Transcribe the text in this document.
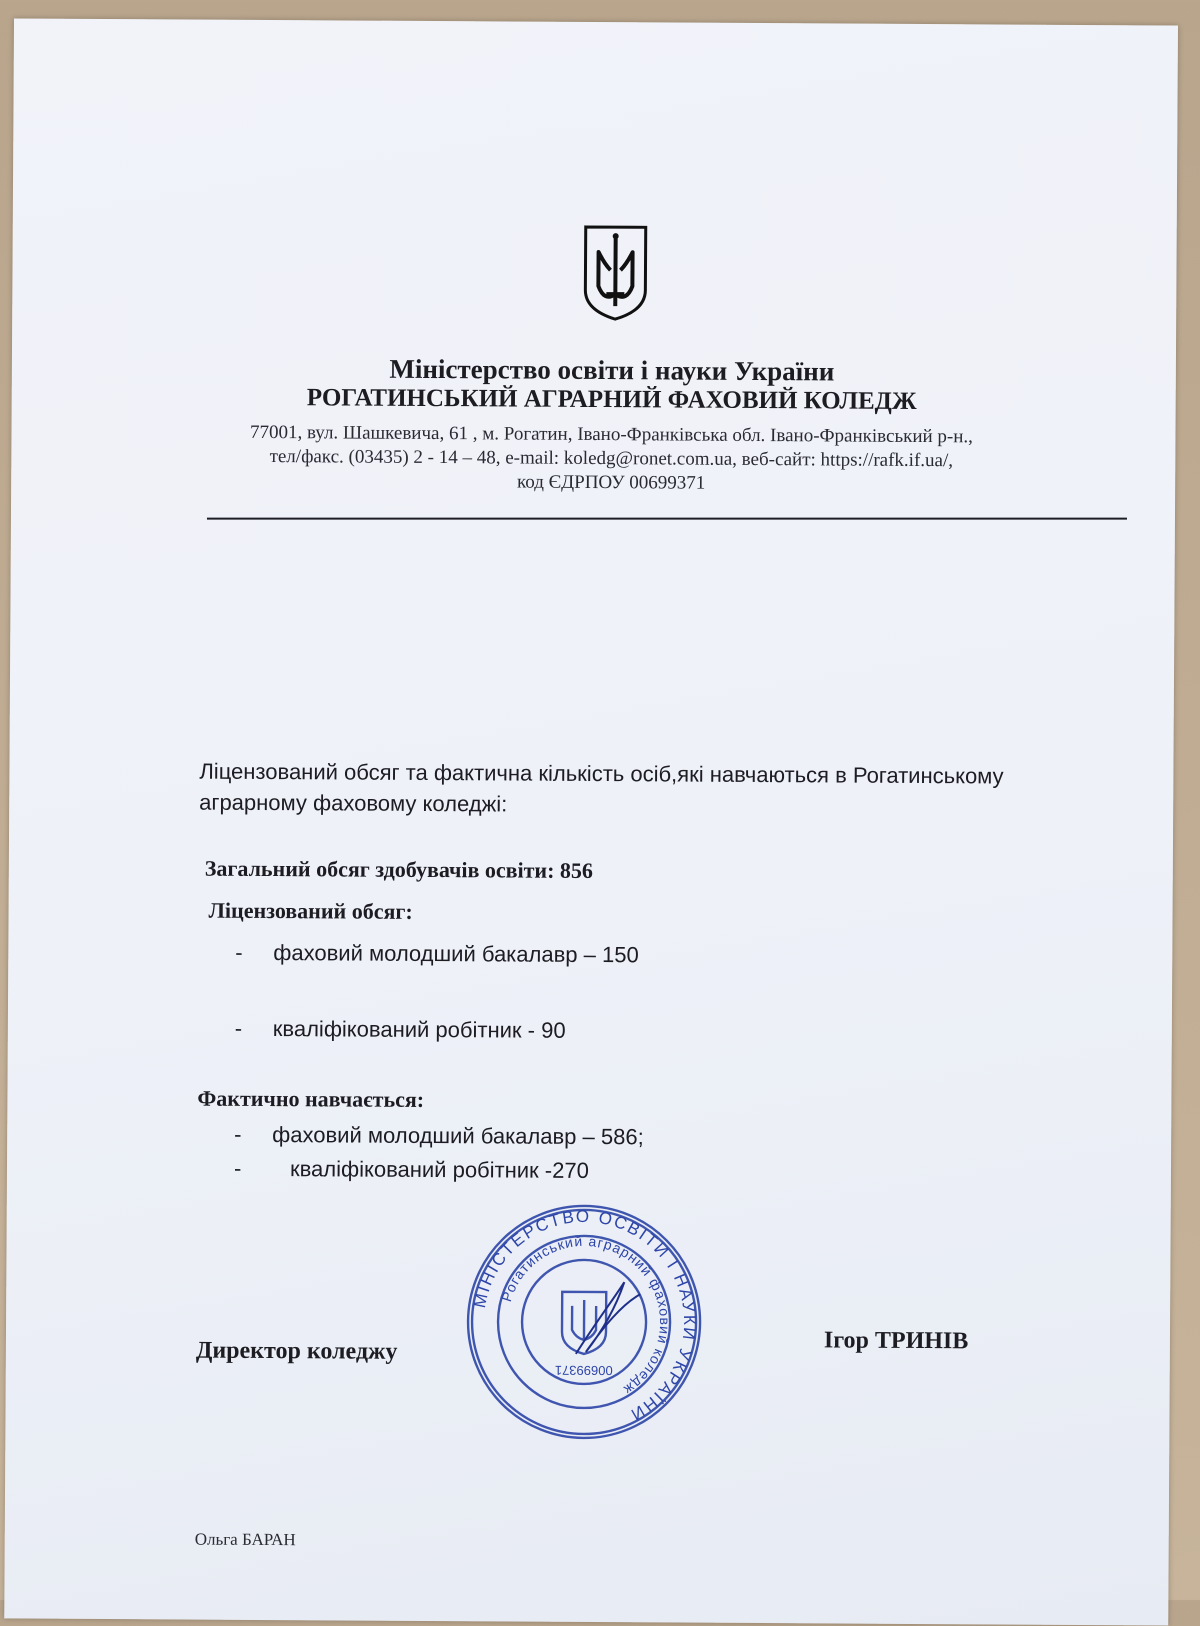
Міністерство освіти і науки України
РОГАТИНСЬКИЙ АГРАРНИЙ ФАХОВИЙ КОЛЕДЖ
77001, вул. Шашкевича, 61 , м. Рогатин, Івано-Франківська обл. Івано-Франківський р-н.,
тел/факс. (03435) 2 - 14 – 48, e-mail: koledg@ronet.com.ua, веб-сайт: https://rafk.if.ua/,
код ЄДРПОУ 00699371
Ліцензований обсяг та фактична кількість осіб,які навчаються в Рогатинському аграрному фаховому коледжі:
Загальний обсяг здобувачів освіти: 856
Ліцензований обсяг:
- фаховий молодший бакалавр – 150
- кваліфікований робітник - 90
Фактично навчається:
- фаховий молодший бакалавр – 586;
- кваліфікований робітник -270
МІНІСТЕРСТВО ОСВІТИ І НАУКИ УКРАЇНИ
Рогатинський аграрний фаховий коледж
00699371
Директор коледжу	Ігор ТРИНІВ
Ольга БАРАН
